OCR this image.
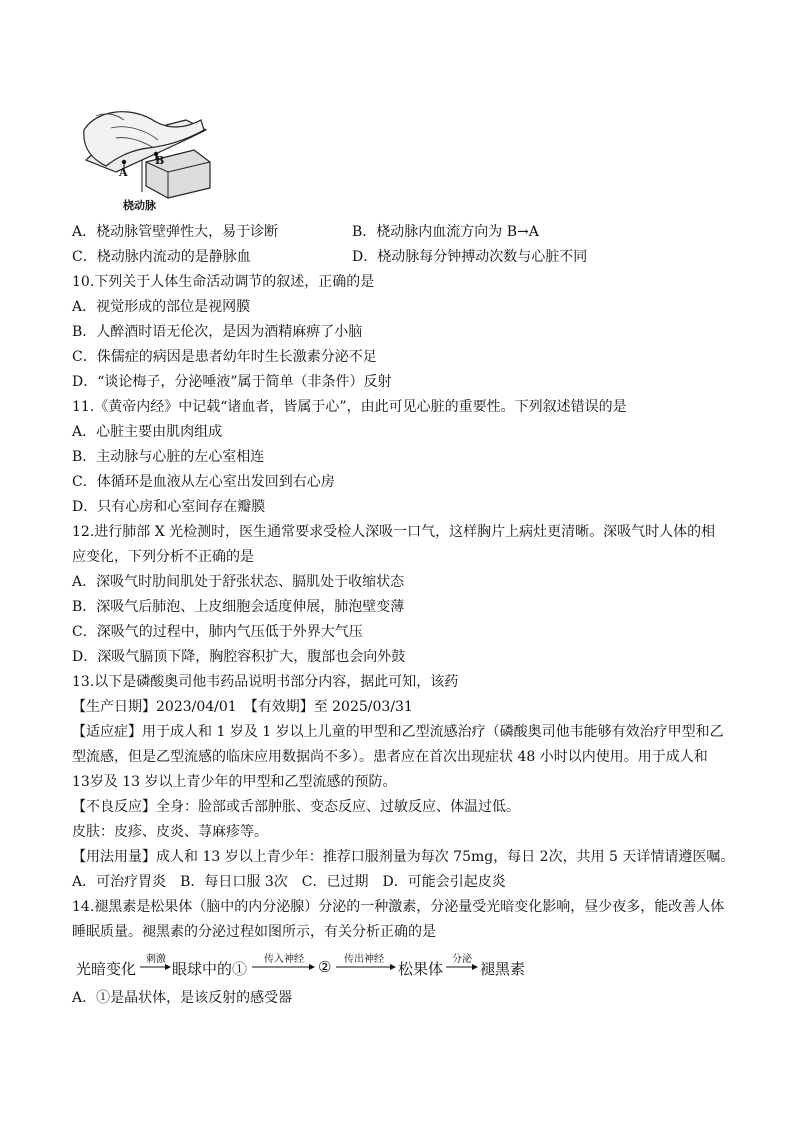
A
B
桡动脉
A．桡动脉管壁弹性大，易于诊断	B．桡动脉内血流方向为 B→A
C．桡动脉内流动的是静脉血	D．桡动脉每分钟搏动次数与心脏不同
10.下列关于人体生命活动调节的叙述，正确的是
A．视觉形成的部位是视网膜
B．人醉酒时语无伦次，是因为酒精麻痹了小脑
C．侏儒症的病因是患者幼年时生长激素分泌不足
D．“谈论梅子，分泌唾液”属于简单（非条件）反射
11.《黄帝内经》中记载“诸血者，皆属于心”，由此可见心脏的重要性。下列叙述错误的是
A．心脏主要由肌肉组成
B．主动脉与心脏的左心室相连
C．体循环是血液从左心室出发回到右心房
D．只有心房和心室间存在瓣膜
12.进行肺部 X 光检测时，医生通常要求受检人深吸一口气，这样胸片上病灶更清晰。深吸气时人体的相
应变化，下列分析不正确的是
A．深吸气时肋间肌处于舒张状态、膈肌处于收缩状态
B．深吸气后肺泡、上皮细胞会适度伸展，肺泡壁变薄
C．深吸气的过程中，肺内气压低于外界大气压
D．深吸气膈顶下降，胸腔容积扩大，腹部也会向外鼓
13.以下是磷酸奥司他韦药品说明书部分内容，据此可知，该药
【生产日期】2023/04/01　 【有效期】至 2025/03/31
【适应症】用于成人和 1 岁及 1 岁以上儿童的甲型和乙型流感治疗（磷酸奥司他韦能够有效治疗甲型和乙
型流感，但是乙型流感的临床应用数据尚不多）。患者应在首次出现症状 48 小时以内使用。用于成人和
13岁及 13 岁以上青少年的甲型和乙型流感的预防。
【不良反应】全身：脸部或舌部肿胀、变态反应、过敏反应、体温过低。
皮肤：皮疹、皮炎、荨麻疹等。
【用法用量】成人和 13 岁以上青少年：推荐口服剂量为每次 75mg，每日 2次，共用 5 天详情请遵医嘱。
A．可治疗胃炎　B．每日口服 3次　C．已过期　D．可能会引起皮炎
14.褪黑素是松果体（脑中的内分泌腺）分泌的一种激素，分泌量受光暗变化影响，昼少夜多，能改善人体
睡眠质量。褪黑素的分泌过程如图所示，有关分析正确的是
光暗变化
刺激
眼球中的①
传入神经 ② 传出神经
松果体
分泌
褪黑素
A．①是晶状体，是该反射的感受器
